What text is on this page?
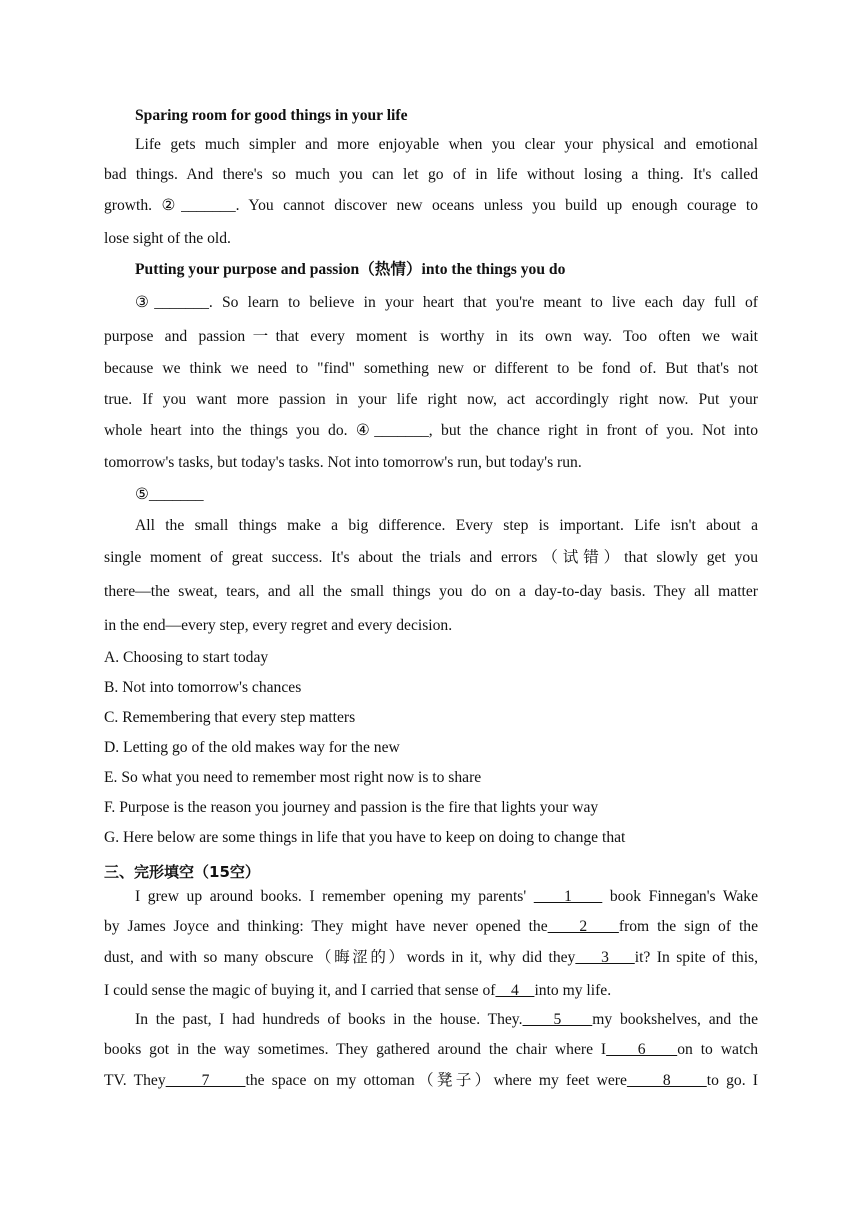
Sparing room for good things in your life
Life gets much simpler and more enjoyable when you clear your physical and emotional
bad things. And there's so much you can let go of in life without losing a thing. It's called
growth. ②_______. You cannot discover new oceans unless you build up enough courage to
lose sight of the old.
Putting your purpose and passion（热情）into the things you do
③_______. So learn to believe in your heart that you're meant to live each day full of
purpose and passion一that every moment is worthy in its own way. Too often we wait
because we think we need to "find" something new or different to be fond of. But that's not
true. If you want more passion in your life right now, act accordingly right now. Put your
whole heart into the things you do. ④_______, but the chance right in front of you. Not into
tomorrow's tasks, but today's tasks. Not into tomorrow's run, but today's run.
⑤_______
All the small things make a big difference. Every step is important. Life isn't about a
single moment of great success. It's about the trials and errors（试错）that slowly get you
there—the sweat, tears, and all the small things you do on a day-to-day basis. They all matter
in the end—every step, every regret and every decision.
A. Choosing to start today
B. Not into tomorrow's chances
C. Remembering that every step matters
D. Letting go of the old makes way for the new
E. So what you need to remember most right now is to share
F. Purpose is the reason you journey and passion is the fire that lights your way
G. Here below are some things in life that you have to keep on doing to change that
三、完形填空（15空）
I grew up around books. I remember opening my parents'     1     book Finnegan's Wake
by James Joyce and thinking: They might have never opened the    2    from the sign of the
dust, and with so many obscure（晦涩的）words in it, why did they    3    it? In spite of this,
I could sense the magic of buying it, and I carried that sense of    4    into my life.
In the past, I had hundreds of books in the house. They.    5    my bookshelves, and the
books got in the way sometimes. They gathered around the chair where I    6    on to watch
TV. They     7     the space on my ottoman（凳子）where my feet were     8     to go. I
